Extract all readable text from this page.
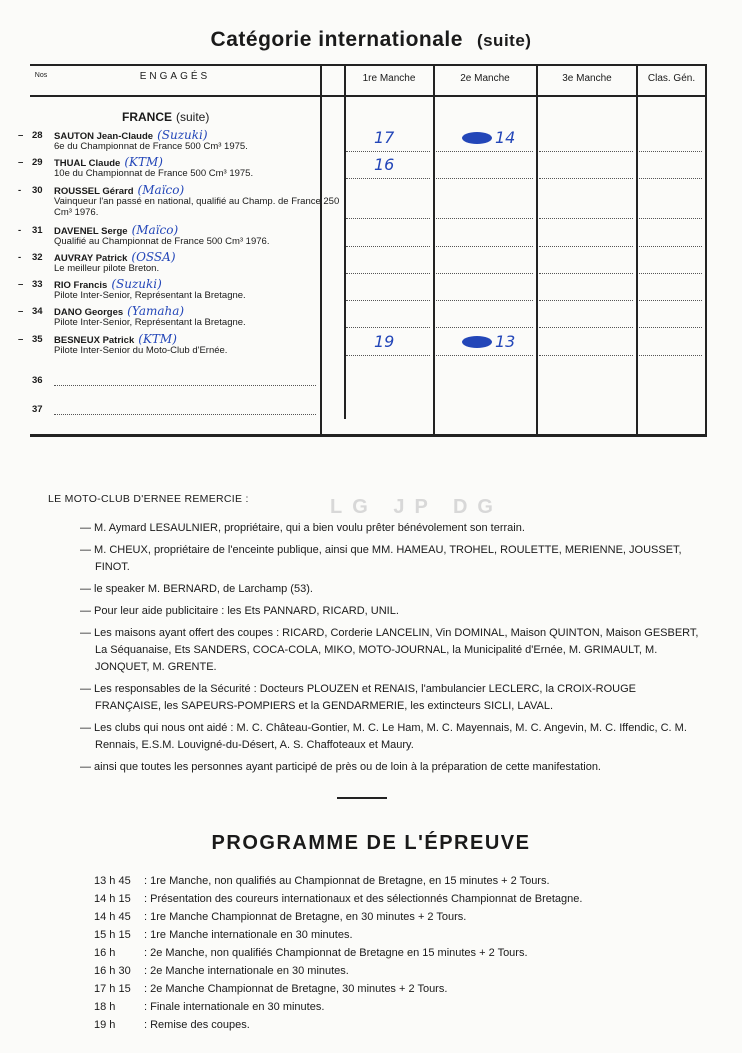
Catégorie internationale (suite)
Nos	ENGAGÉS	1re Manche	2e Manche	3e Manche	Clas. Gén.
FRANCE (suite)
– 28 SAUTON Jean-Claude (Suzuki)
6e du Championnat de France 500 Cm³ 1975.	17	14
– 29 THUAL Claude (KTM)
10e du Championnat de France 500 Cm³ 1975.	16
- 30 ROUSSEL Gérard (Maïco)
Vainqueur l'an passé en national, qualifié au Champ. de France 250 Cm³ 1976.
- 31 DAVENEL Serge (Maïco)
Qualifié au Championnat de France 500 Cm³ 1976.
- 32 AUVRAY Patrick (OSSA)
Le meilleur pilote Breton.
– 33 RIO Francis (Suzuki)
Pilote Inter-Senior, Représentant la Bretagne.
– 34 DANO Georges (Yamaha)
Pilote Inter-Senior, Représentant la Bretagne.
– 35 BESNEUX Patrick (KTM)
Pilote Inter-Senior du Moto-Club d'Ernée.	19	13
36
37
LG JP DG
LE MOTO-CLUB D'ERNEE REMERCIE :
— M. Aymard LESAULNIER, propriétaire, qui a bien voulu prêter bénévolement son terrain.
— M. CHEUX, propriétaire de l'enceinte publique, ainsi que MM. HAMEAU, TROHEL, ROULETTE, MERIENNE, JOUSSET, FINOT.
— le speaker M. BERNARD, de Larchamp (53).
— Pour leur aide publicitaire : les Ets PANNARD, RICARD, UNIL.
— Les maisons ayant offert des coupes : RICARD, Corderie LANCELIN, Vin DOMINAL, Maison QUINTON, Maison GESBERT, La Séquanaise, Ets SANDERS, COCA-COLA, MIKO, MOTO-JOURNAL, la Municipalité d'Ernée, M. GRIMAULT, M. JONQUET, M. GRENTE.
— Les responsables de la Sécurité : Docteurs PLOUZEN et RENAIS, l'ambulancier LECLERC, la CROIX-ROUGE FRANÇAISE, les SAPEURS-POMPIERS et la GENDARMERIE, les extincteurs SICLI, LAVAL.
— Les clubs qui nous ont aidé : M. C. Château-Gontier, M. C. Le Ham, M. C. Mayennais, M. C. Angevin, M. C. Iffendic, C. M. Rennais, E.S.M. Louvigné-du-Désert, A. S. Chaffoteaux et Maury.
— ainsi que toutes les personnes ayant participé de près ou de loin à la préparation de cette manifestation.
PROGRAMME DE L'ÉPREUVE
13 h 45 : 1re Manche, non qualifiés au Championnat de Bretagne, en 15 minutes + 2 Tours.
14 h 15 : Présentation des coureurs internationaux et des sélectionnés Championnat de Bretagne.
14 h 45 : 1re Manche Championnat de Bretagne, en 30 minutes + 2 Tours.
15 h 15 : 1re Manche internationale en 30 minutes.
16 h	: 2e Manche, non qualifiés Championnat de Bretagne en 15 minutes + 2 Tours.
16 h 30 : 2e Manche internationale en 30 minutes.
17 h 15 : 2e Manche Championnat de Bretagne, 30 minutes + 2 Tours.
18 h	: Finale internationale en 30 minutes.
19 h	: Remise des coupes.
